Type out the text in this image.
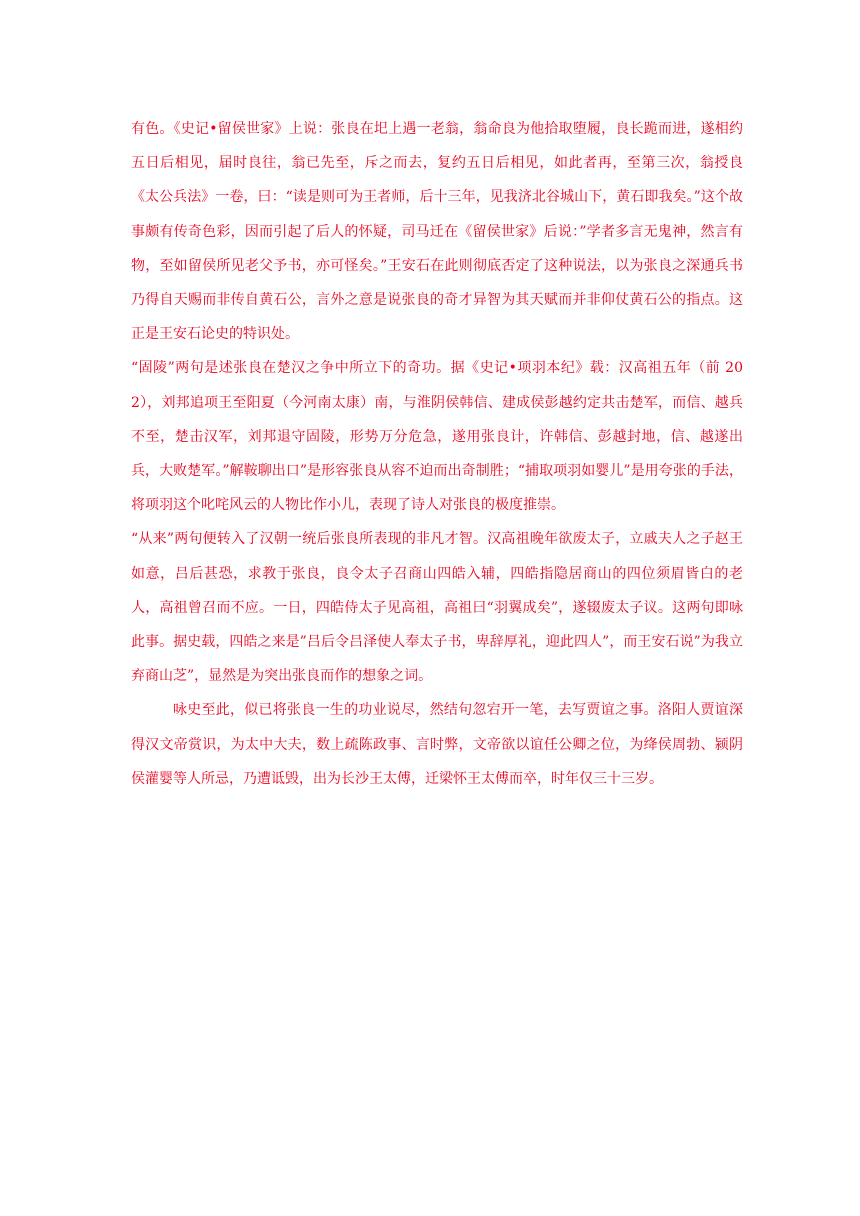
有色。《史记•留侯世家》上说：张良在圯上遇一老翁，翁命良为他拾取堕履，良长跪而进，遂相约五日后相见，届时良往，翁已先至，斥之而去，复约五日后相见，如此者再，至第三次，翁授良《太公兵法》一卷，曰：“读是则可为王者师，后十三年，见我济北谷城山下，黄石即我矣。”这个故事颇有传奇色彩，因而引起了后人的怀疑，司马迁在《留侯世家》后说：”学者多言无鬼神，然言有物，至如留侯所见老父予书，亦可怪矣。”王安石在此则彻底否定了这种说法，以为张良之深通兵书乃得自天赐而非传自黄石公，言外之意是说张良的奇才异智为其天赋而并非仰仗黄石公的指点。这正是王安石论史的特识处。

“固陵”两句是述张良在楚汉之争中所立下的奇功。据《史记•项羽本纪》载：汉高祖五年（前 202），刘邦追项王至阳夏（今河南太康）南，与淮阴侯韩信、建成侯彭越约定共击楚军，而信、越兵不至，楚击汉军，刘邦退守固陵，形势万分危急，遂用张良计，许韩信、彭越封地，信、越遂出兵，大败楚军。”解鞍聊出口”是形容张良从容不迫而出奇制胜；“捕取项羽如婴儿”是用夸张的手法，将项羽这个叱咤风云的人物比作小儿，表现了诗人对张良的极度推崇。

“从来”两句便转入了汉朝一统后张良所表现的非凡才智。汉高祖晚年欲废太子，立戚夫人之子赵王如意，吕后甚恐，求教于张良，良令太子召商山四皓入辅，四皓指隐居商山的四位须眉皆白的老人，高祖曾召而不应。一日，四皓侍太子见高祖，高祖曰“羽翼成矣”，遂辍废太子议。这两句即咏此事。据史载，四皓之来是”吕后令吕泽使人奉太子书，卑辞厚礼，迎此四人”，而王安石说”为我立弃商山芝”，显然是为突出张良而作的想象之词。

咏史至此，似已将张良一生的功业说尽，然结句忽宕开一笔，去写贾谊之事。洛阳人贾谊深得汉文帝赏识，为太中大夫，数上疏陈政事、言时弊，文帝欲以谊任公卿之位，为绛侯周勃、颍阴侯灌婴等人所忌，乃遭诋毁，出为长沙王太傅，迁梁怀王太傅而卒，时年仅三十三岁。
